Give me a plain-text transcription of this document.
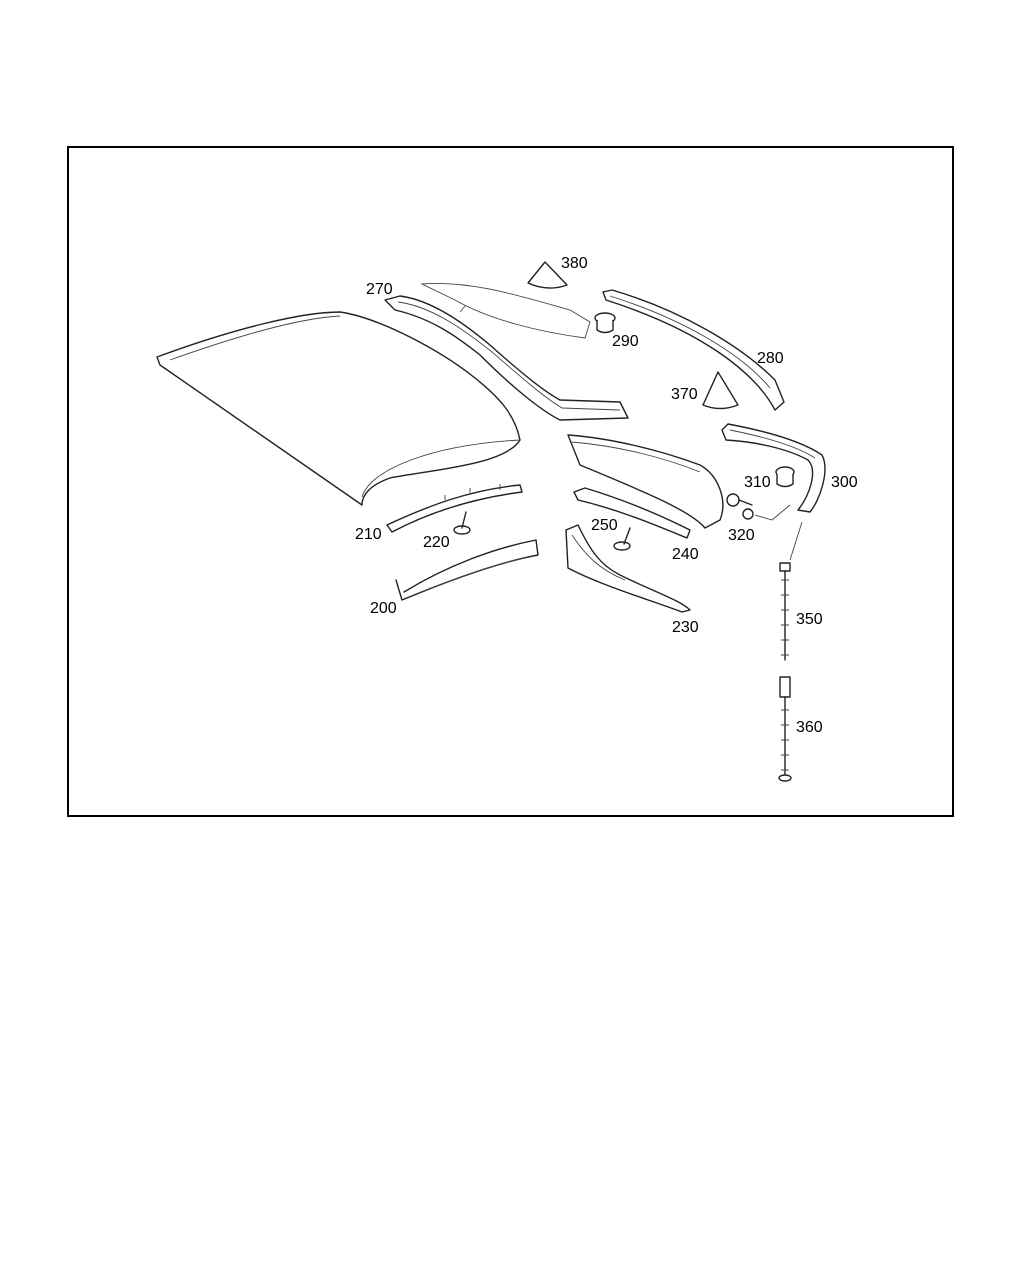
270
380
290
280
370
310	300
320
210	220
250
240
200
230	350
360
